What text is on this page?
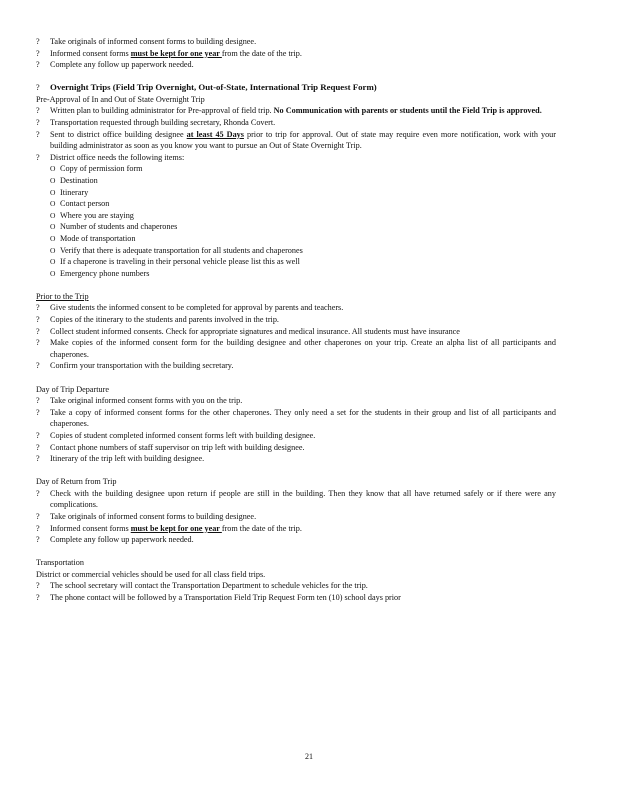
?	Take originals of informed consent forms to building designee.
?	Informed consent forms must be kept for one year from the date of the trip.
?	Complete any follow up paperwork needed.
?	Overnight Trips (Field Trip Overnight, Out-of-State, International Trip Request Form)
Pre-Approval of In and Out of State Overnight Trip
?	Written plan to building administrator for Pre-approval of field trip. No Communication with parents or students until the Field Trip is approved.
?	Transportation requested through building secretary, Rhonda Covert.
?	Sent to district office building designee at least 45 Days prior to trip for approval. Out of state may require even more notification, work with your building administrator as soon as you know you want to pursue an Out of State Overnight Trip.
?	District office needs the following items:
O Copy of permission form
O Destination
O Itinerary
O Contact person
O Where you are staying
O Number of students and chaperones
O Mode of transportation
O Verify that there is adequate transportation for all students and chaperones
O If a chaperone is traveling in their personal vehicle please list this as well
O Emergency phone numbers
Prior to the Trip
?	Give students the informed consent to be completed for approval by parents and teachers.
?	Copies of the itinerary to the students and parents involved in the trip.
?	Collect student informed consents. Check for appropriate signatures and medical insurance. All students must have insurance
?	Make copies of the informed consent form for the building designee and other chaperones on your trip. Create an alpha list of all participants and chaperones.
?	Confirm your transportation with the building secretary.
Day of Trip Departure
?	Take original informed consent forms with you on the trip.
?	Take a copy of informed consent forms for the other chaperones. They only need a set for the students in their group and list of all participants and chaperones.
?	Copies of student completed informed consent forms left with building designee.
?	Contact phone numbers of staff supervisor on trip left with building designee.
?	Itinerary of the trip left with building designee.
Day of Return from Trip
?	Check with the building designee upon return if people are still in the building. Then they know that all have returned safely or if there were any complications.
?	Take originals of informed consent forms to building designee.
?	Informed consent forms must be kept for one year from the date of the trip.
?	Complete any follow up paperwork needed.
Transportation
District or commercial vehicles should be used for all class field trips.
?	The school secretary will contact the Transportation Department to schedule vehicles for the trip.
?	The phone contact will be followed by a Transportation Field Trip Request Form ten (10) school days prior
21
